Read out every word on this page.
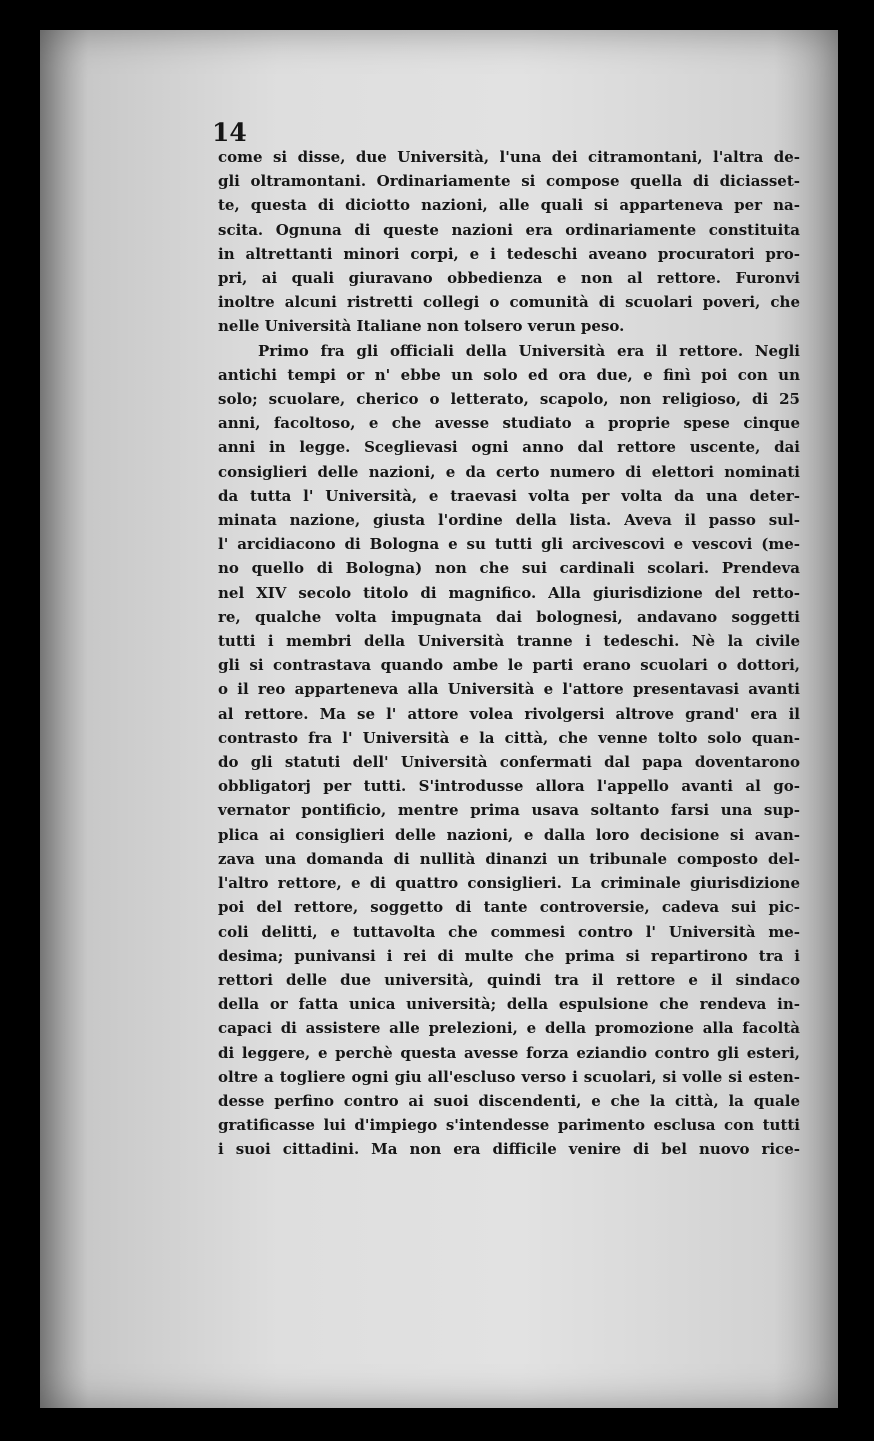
14
come si disse, due Università, l'una dei citramontani, l'altra de-
gli oltramontani. Ordinariamente si compose quella di diciasset-
te, questa di diciotto nazioni, alle quali si apparteneva per na-
scita. Ognuna di queste nazioni era ordinariamente constituita
in altrettanti minori corpi, e i tedeschi aveano procuratori pro-
pri, ai quali giuravano obbedienza e non al rettore. Furonvi
inoltre alcuni ristretti collegi o comunità di scuolari poveri, che
nelle Università Italiane non tolsero verun peso.
Primo fra gli officiali della Università era il rettore. Negli
antichi tempi or n' ebbe un solo ed ora due, e finì poi con un
solo; scuolare, cherico o letterato, scapolo, non religioso, di 25
anni, facoltoso, e che avesse studiato a proprie spese cinque
anni in legge. Sceglievasi ogni anno dal rettore uscente, dai
consiglieri delle nazioni, e da certo numero di elettori nominati
da tutta l' Università, e traevasi volta per volta da una deter-
minata nazione, giusta l'ordine della lista. Aveva il passo sul-
l' arcidiacono di Bologna e su tutti gli arcivescovi e vescovi (me-
no quello di Bologna) non che sui cardinali scolari. Prendeva
nel XIV secolo titolo di magnifico. Alla giurisdizione del retto-
re, qualche volta impugnata dai bolognesi, andavano soggetti
tutti i membri della Università tranne i tedeschi. Nè la civile
gli si contrastava quando ambe le parti erano scuolari o dottori,
o il reo apparteneva alla Università e l'attore presentavasi avanti
al rettore. Ma se l' attore volea rivolgersi altrove grand' era il
contrasto fra l' Università e la città, che venne tolto solo quan-
do gli statuti dell' Università confermati dal papa doventarono
obbligatorj per tutti. S'introdusse allora l'appello avanti al go-
vernator pontificio, mentre prima usava soltanto farsi una sup-
plica ai consiglieri delle nazioni, e dalla loro decisione si avan-
zava una domanda di nullità dinanzi un tribunale composto del-
l'altro rettore, e di quattro consiglieri. La criminale giurisdizione
poi del rettore, soggetto di tante controversie, cadeva sui pic-
coli delitti, e tuttavolta che commesi contro l' Università me-
desima; punivansi i rei di multe che prima si repartirono tra i
rettori delle due università, quindi tra il rettore e il sindaco
della or fatta unica università; della espulsione che rendeva in-
capaci di assistere alle prelezioni, e della promozione alla facoltà
di leggere, e perchè questa avesse forza eziandio contro gli esteri,
oltre a togliere ogni giu all'escluso verso i scuolari, si volle si esten-
desse perfino contro ai suoi discendenti, e che la città, la quale
gratificasse lui d'impiego s'intendesse parimento esclusa con tutti
i suoi cittadini. Ma non era difficile venire di bel nuovo rice-
